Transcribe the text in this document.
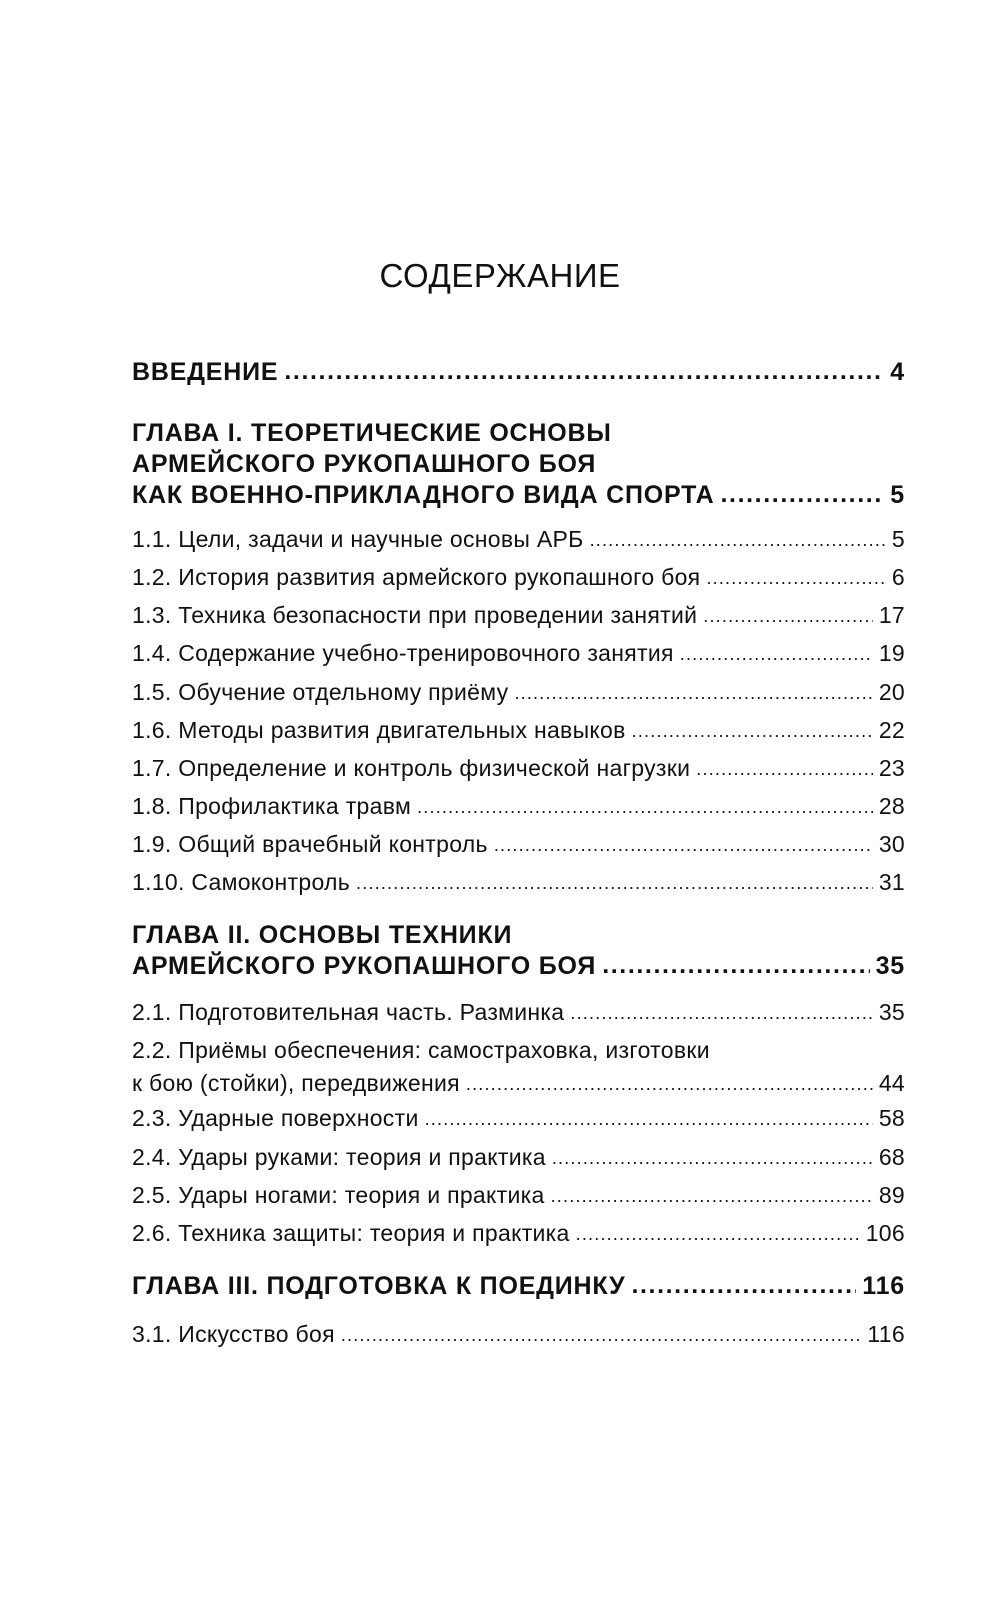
СОДЕРЖАНИЕ
ВВЕДЕНИЕ .....	4
ГЛАВА I. ТЕОРЕТИЧЕСКИЕ ОСНОВЫ
АРМЕЙСКОГО РУКОПАШНОГО БОЯ
КАК ВОЕННО-ПРИКЛАДНОГО ВИДА СПОРТА .....	5
1.1. Цели, задачи и научные основы АРБ .....	5
1.2. История развития армейского рукопашного боя .....	6
1.3. Техника безопасности при проведении занятий .....	17
1.4. Содержание учебно-тренировочного занятия .....	19
1.5. Обучение отдельному приёму .....	20
1.6. Методы развития двигательных навыков .....	22
1.7. Определение и контроль физической нагрузки .....	23
1.8. Профилактика травм .....	28
1.9. Общий врачебный контроль .....	30
1.10. Самоконтроль .....	31
ГЛАВА II. ОСНОВЫ ТЕХНИКИ
АРМЕЙСКОГО РУКОПАШНОГО БОЯ .....	35
2.1. Подготовительная часть. Разминка .....	35
2.2. Приёмы обеспечения: самостраховка, изготовки
к бою (стойки), передвижения .....	44
2.3. Ударные поверхности .....	58
2.4. Удары руками: теория и практика .....	68
2.5. Удары ногами: теория и практика .....	89
2.6. Техника защиты: теория и практика .....	106
ГЛАВА III. ПОДГОТОВКА К ПОЕДИНКУ .....	116
3.1. Искусство боя .....	116
